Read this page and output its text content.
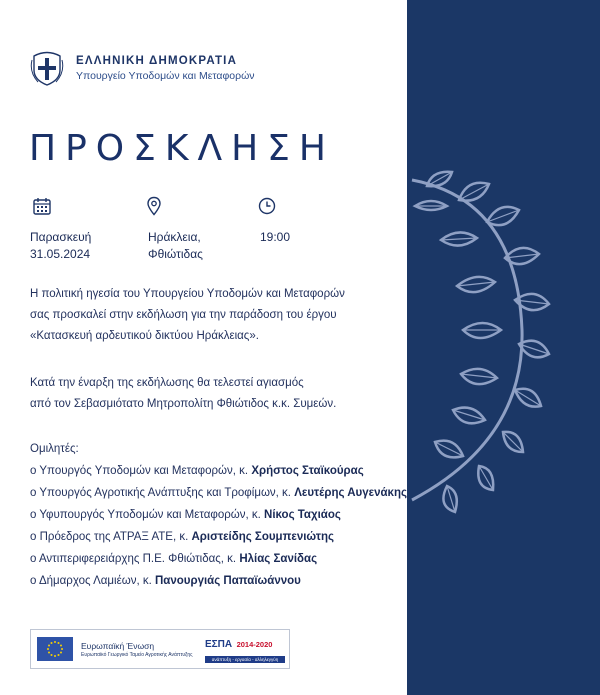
ΕΛΛΗΝΙΚΗ ΔΗΜΟΚΡΑΤΙΑ
Υπουργείο Υποδομών και Μεταφορών
ΠΡΟΣΚΛΗΣΗ
Παρασκευή
31.05.2024
Ηράκλεια,
Φθιώτιδας
19:00
Η πολιτική ηγεσία του Υπουργείου Υποδομών και Μεταφορών
σας προσκαλεί στην εκδήλωση για την παράδοση του έργου
«Κατασκευή αρδευτικού δικτύου Ηράκλειας».
Κατά την έναρξη της εκδήλωσης θα τελεστεί αγιασμός
από τον Σεβασμιότατο Μητροπολίτη Φθιώτιδος κ.κ. Συμεών.
Ομιλητές:
ο Υπουργός Υποδομών και Μεταφορών, κ. Χρήστος Σταϊκούρας
ο Υπουργός Αγροτικής Ανάπτυξης και Τροφίμων, κ. Λευτέρης Αυγενάκης
ο Υφυπουργός Υποδομών και Μεταφορών, κ. Νίκος Ταχιάος
ο Πρόεδρος της ΑΤΡΑΞ ΑΤΕ, κ. Αριστείδης Σουμπενιώτης
ο Αντιπεριφερειάρχης Π.Ε. Φθιώτιδας, κ. Ηλίας Σανίδας
ο Δήμαρχος Λαμιέων, κ. Πανουργιάς Παπαϊωάννου
Ευρωπαϊκή Ένωση
Ευρωπαϊκό Γεωργικό Ταμείο Αγροτικής Ανάπτυξης
ΕΣΠΑ 2014-2020
ανάπτυξη - εργασία - αλληλεγγύη
